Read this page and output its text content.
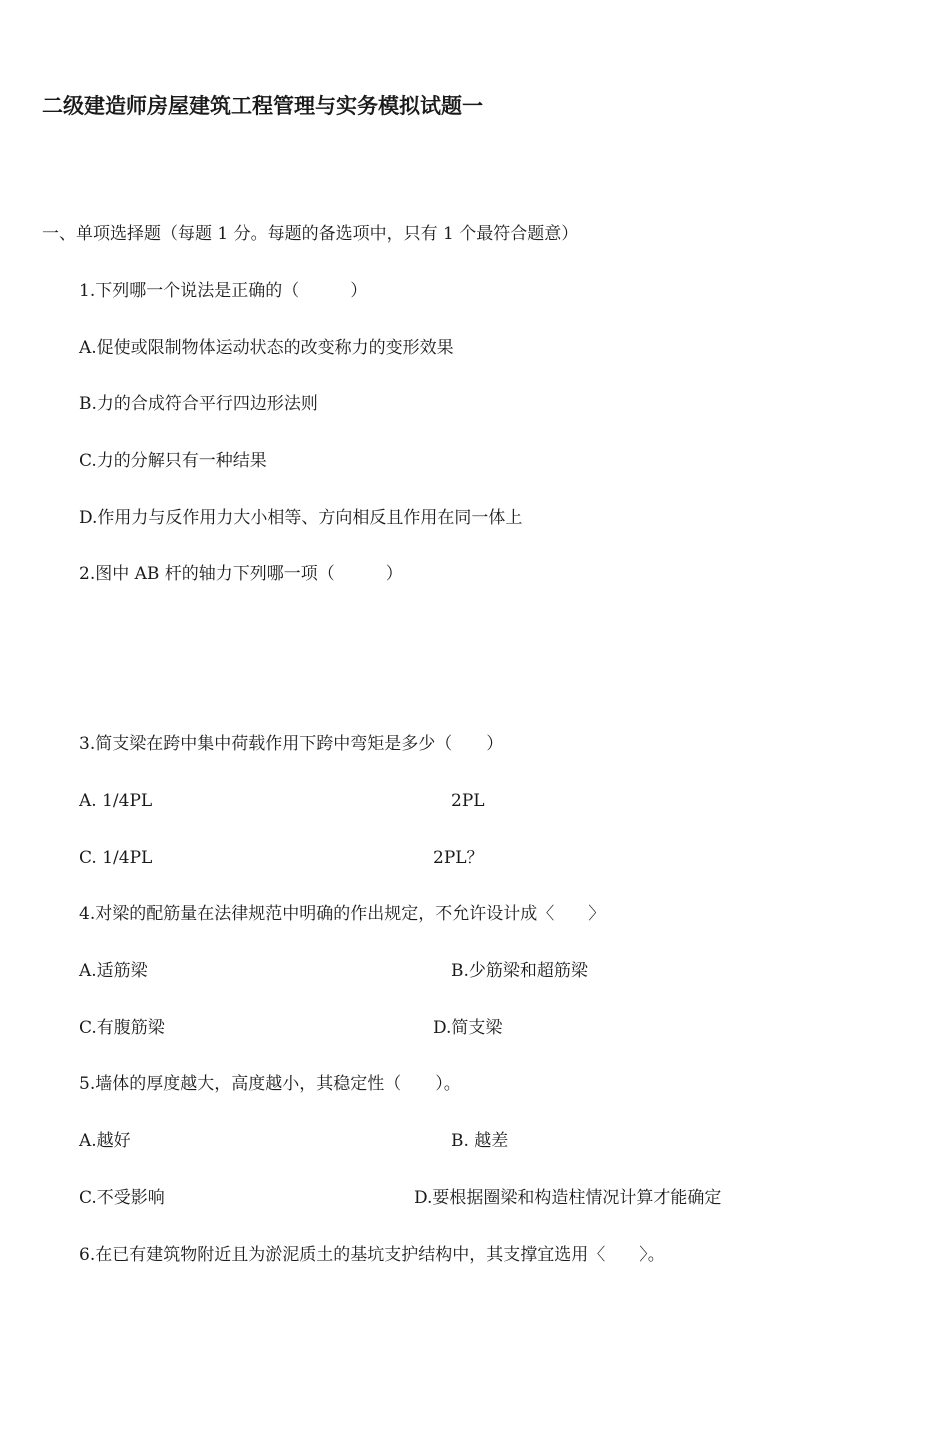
二级建造师房屋建筑工程管理与实务模拟试题一
一、单项选择题（每题 1 分。每题的备选项中，只有 1 个最符合题意）
1.下列哪一个说法是正确的（　　　）
A.促使或限制物体运动状态的改变称力的变形效果
B.力的合成符合平行四边形法则
C.力的分解只有一种结果
D.作用力与反作用力大小相等、方向相反且作用在同一体上
2.图中 AB 杆的轴力下列哪一项（　　　）
3.简支梁在跨中集中荷载作用下跨中弯矩是多少（　　）
A. 1/4PL	2PL
C. 1/4PL	2PL？
4.对梁的配筋量在法律规范中明确的作出规定，不允许设计成〈　　〉
A.适筋梁	B.少筋梁和超筋梁
C.有腹筋梁	D.简支梁
5.墙体的厚度越大，高度越小，其稳定性（　　）。
A.越好	B. 越差
C.不受影响	D.要根据圈梁和构造柱情况计算才能确定
6.在已有建筑物附近且为淤泥质土的基坑支护结构中，其支撑宜选用〈　　〉。
